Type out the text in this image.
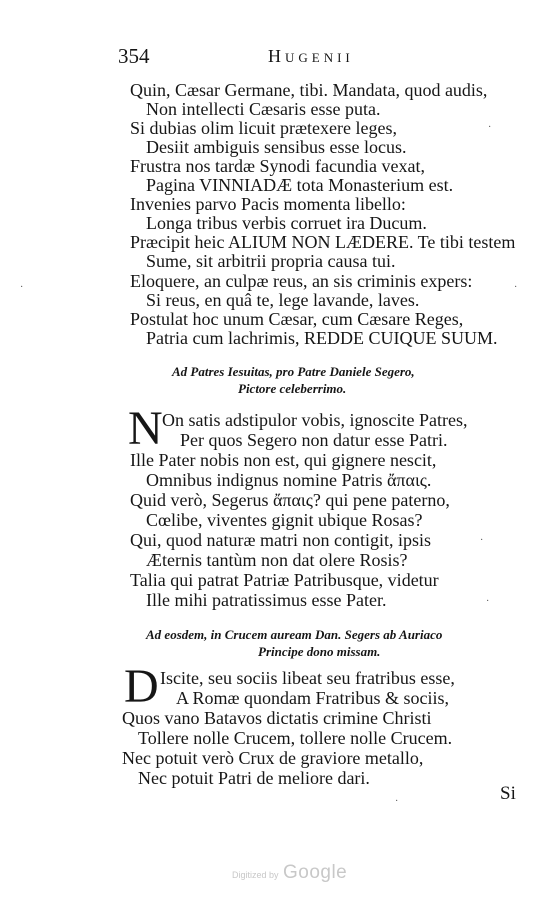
354	Hugenii
Quin, Cæsar Germane, tibi. Mandata, quod audis,
Non intellecti Cæsaris esse puta.
Si dubias olim licuit prætexere leges,
Desiit ambiguis sensibus esse locus.
Frustra nos tardæ Synodi facundia vexat,
Pagina VINNIADÆ tota Monasterium est.
Invenies parvo Pacis momenta libello:
Longa tribus verbis corruet ira Ducum.
Præcipit heic ALIUM NON LÆDERE. Te tibi testem
Sume, sit arbitrii propria causa tui.
Eloquere, an culpæ reus, an sis criminis expers:
Si reus, en quâ te, lege lavande, laves.
Postulat hoc unum Cæsar, cum Cæsare Reges,
Patria cum lachrimis, REDDE CUIQUE SUUM.
Ad Patres Iesuitas, pro Patre Daniele Segero,
Pictore celeberrimo.
N On satis adstipulor vobis, ignoscite Patres,
Per quos Segero non datur esse Patri.
Ille Pater nobis non est, qui gignere nescit,
Omnibus indignus nomine Patris ἄπαις.
Quid verò, Segerus ἄπαις? qui pene paterno,
Cœlibe, viventes gignit ubique Rosas?
Qui, quod naturæ matri non contigit, ipsis
Æternis tantùm non dat olere Rosis?
Talia qui patrat Patriæ Patribusque, videtur
Ille mihi patratissimus esse Pater.
Ad eosdem, in Crucem auream Dan. Segers ab Auriaco
Principe dono missam.
D Iscite, seu sociis libeat seu fratribus esse,
A Romæ quondam Fratribus & sociis,
Quos vano Batavos dictatis crimine Christi
Tollere nolle Crucem, tollere nolle Crucem.
Nec potuit verò Crux de graviore metallo,
Nec potuit Patri de meliore dari.
Si
·
·	·
·
·
·
Digitized by Google
